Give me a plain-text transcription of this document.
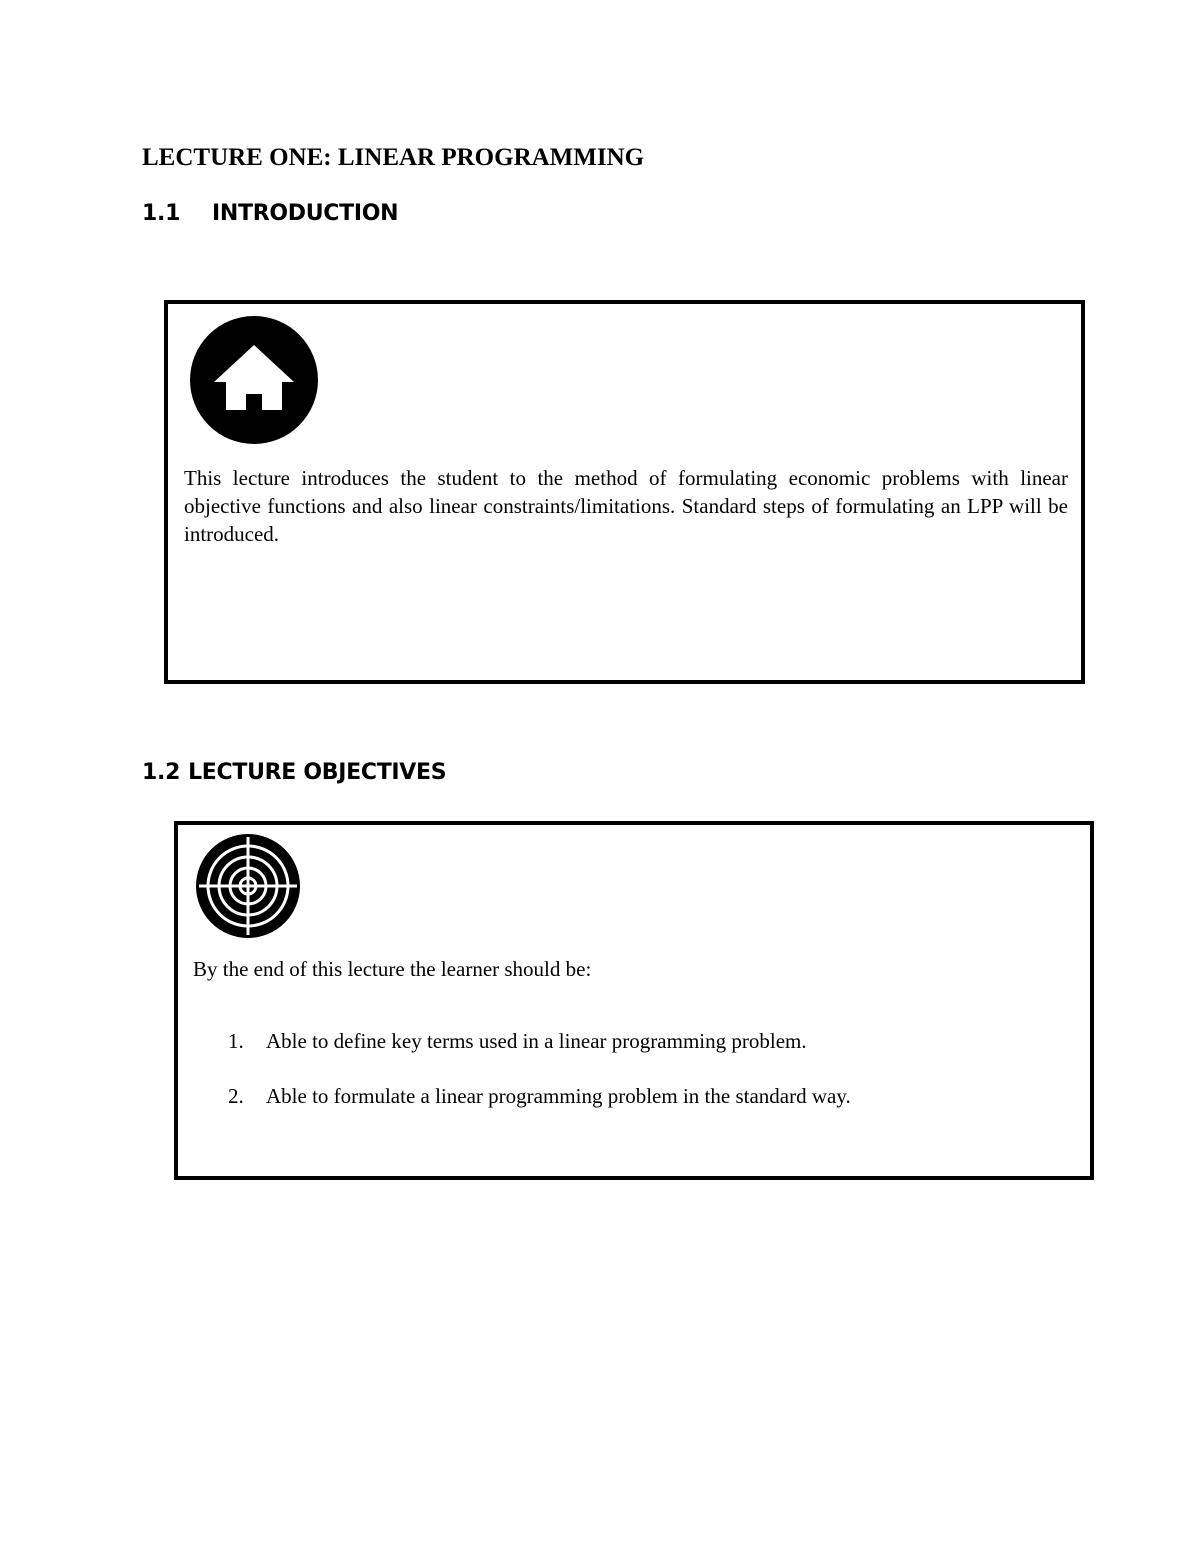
LECTURE ONE: LINEAR PROGRAMMING
1.1 INTRODUCTION

This lecture introduces the student to the method of formulating economic problems with linear objective functions and also linear constraints/limitations. Standard steps of formulating an LPP will be introduced.

1.2 LECTURE OBJECTIVES

By the end of this lecture the learner should be:

1. Able to define key terms used in a linear programming problem.
2. Able to formulate a linear programming problem in the standard way.
